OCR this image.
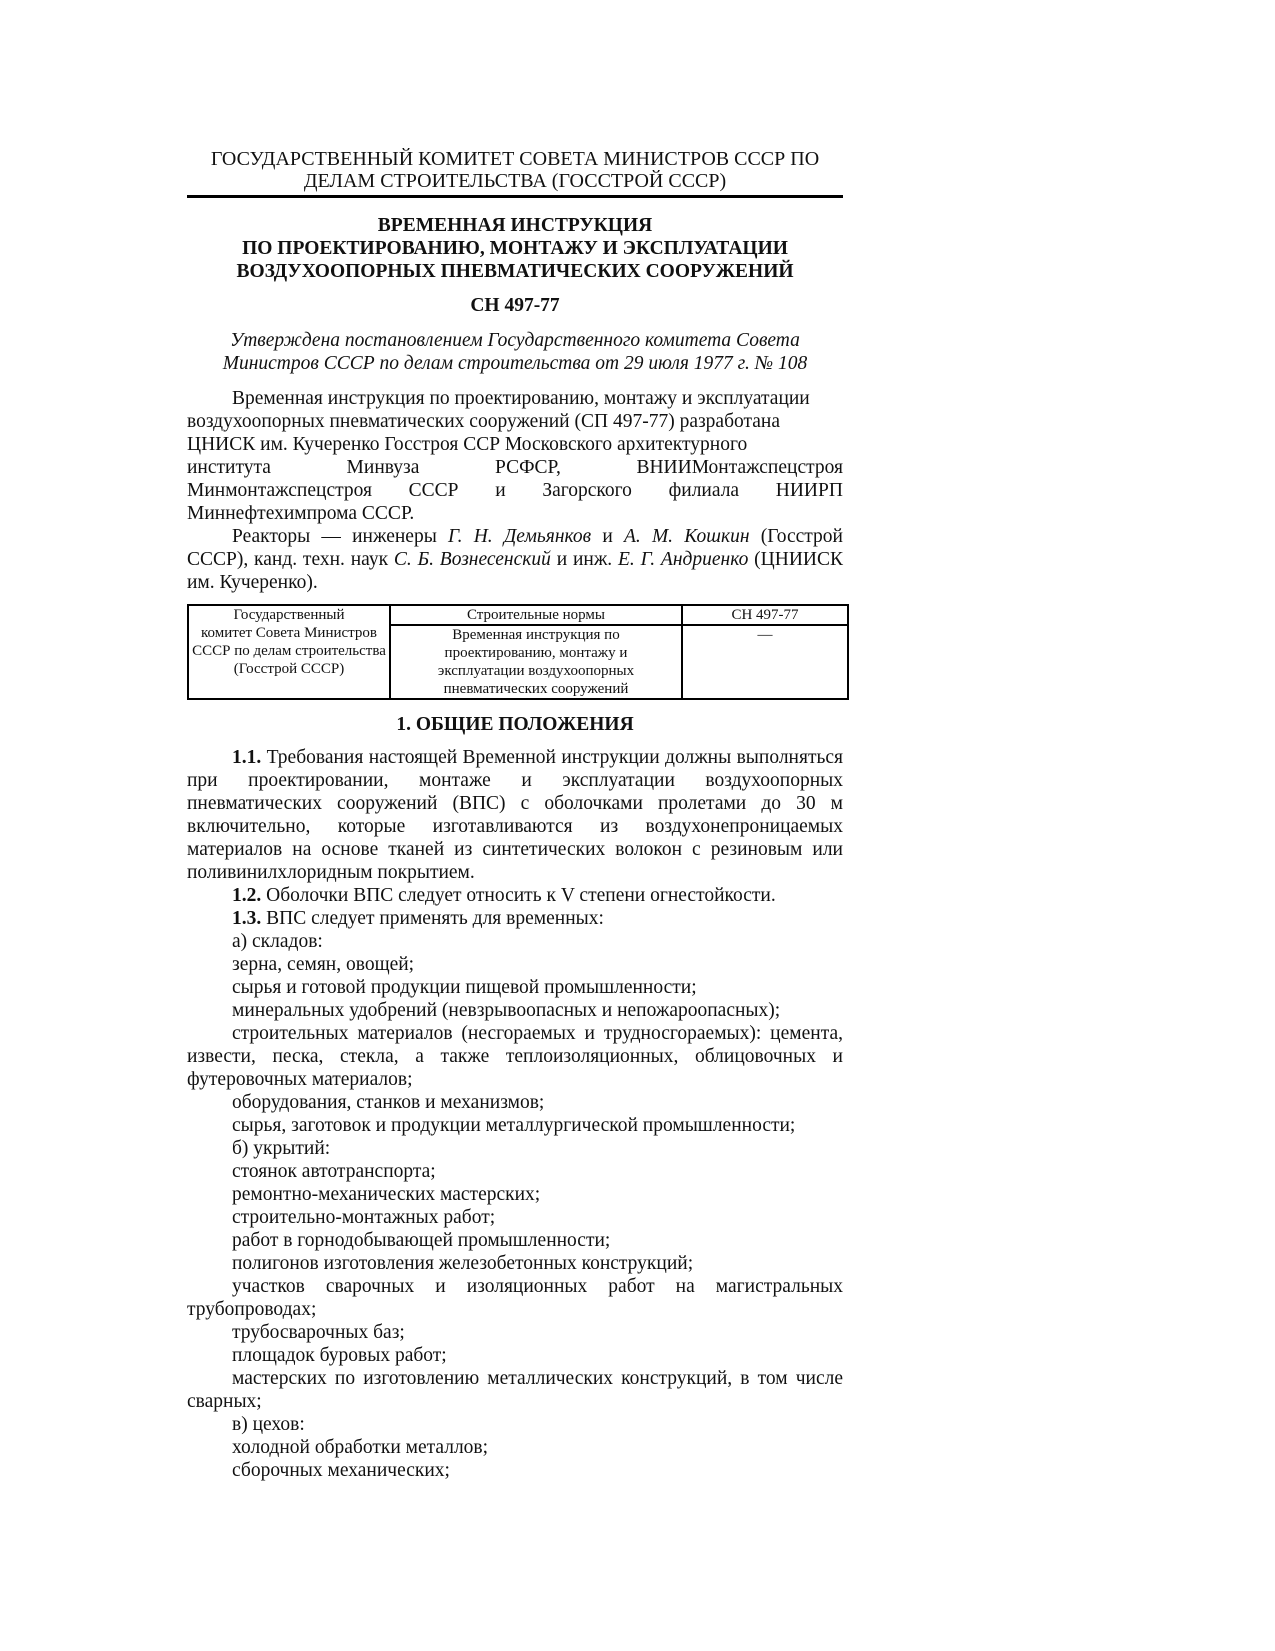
ГОСУДАРСТВЕННЫЙ КОМИТЕТ СОВЕТА МИНИСТРОВ СССР ПО
ДЕЛАМ СТРОИТЕЛЬСТВА (ГОССТРОЙ СССР)
ВРЕМЕННАЯ ИНСТРУКЦИЯ
ПО ПРОЕКТИРОВАНИЮ, МОНТАЖУ И ЭКСПЛУАТАЦИИ
ВОЗДУХООПОРНЫХ ПНЕВМАТИЧЕСКИХ СООРУЖЕНИЙ
СН 497-77
Утверждена постановлением Государственного комитета Совета
Министров СССР по делам строительства от 29 июля 1977 г. № 108
Временная инструкция по проектированию, монтажу и эксплуатации
воздухоопорных пневматических сооружений (СП 497-77) разработана
ЦНИСК им. Кучеренко Госстроя ССР Московского архитектурного
института	Минвуза	РСФСР,	ВНИИМонтажспецстроя
Минмонтажспецстроя СССР и Загорского филиала НИИРП
Миннефтехимпрома СССР.

Реакторы — инженеры Г. Н. Демьянков и А. М. Кошкин (Госстрой СССР), канд. техн. наук С. Б. Вознесенский и инж. Е. Г. Андриенко (ЦНИИСК им. Кучеренко).

Государственный
комитет Совета Министров
СССР по делам строительства
(Госстрой СССР)	Строительные нормы	СН 497-77

	Временная инструкция по
проектированию, монтажу и
эксплуатации воздухоопорных
пневматических сооружений	—
1. ОБЩИЕ ПОЛОЖЕНИЯ

1.1. Требования настоящей Временной инструкции должны выполняться при проектировании, монтаже и эксплуатации воздухоопорных пневматических сооружений (ВПС) с оболочками пролетами до 30 м включительно, которые изготавливаются из воздухонепроницаемых материалов на основе тканей из синтетических волокон с резиновым или поливинилхлоридным покрытием.

1.2. Оболочки ВПС следует относить к V степени огнестойкости.

1.3. ВПС следует применять для временных:

а) складов:

зерна, семян, овощей;

сырья и готовой продукции пищевой промышленности;

минеральных удобрений (невзрывоопасных и непожароопасных);

строительных материалов (несгораемых и трудносгораемых): цемента, извести, песка, стекла, а также теплоизоляционных, облицовочных и футеровочных материалов;

оборудования, станков и механизмов;

сырья, заготовок и продукции металлургической промышленности;

б) укрытий:

стоянок автотранспорта;

ремонтно-механических мастерских;

строительно-монтажных работ;

работ в горнодобывающей промышленности;

полигонов изготовления железобетонных конструкций;

участков сварочных и изоляционных работ на магистральных трубопроводах;

трубосварочных баз;

площадок буровых работ;

мастерских по изготовлению металлических конструкций, в том числе сварных;

в) цехов:

холодной обработки металлов;

сборочных механических;
